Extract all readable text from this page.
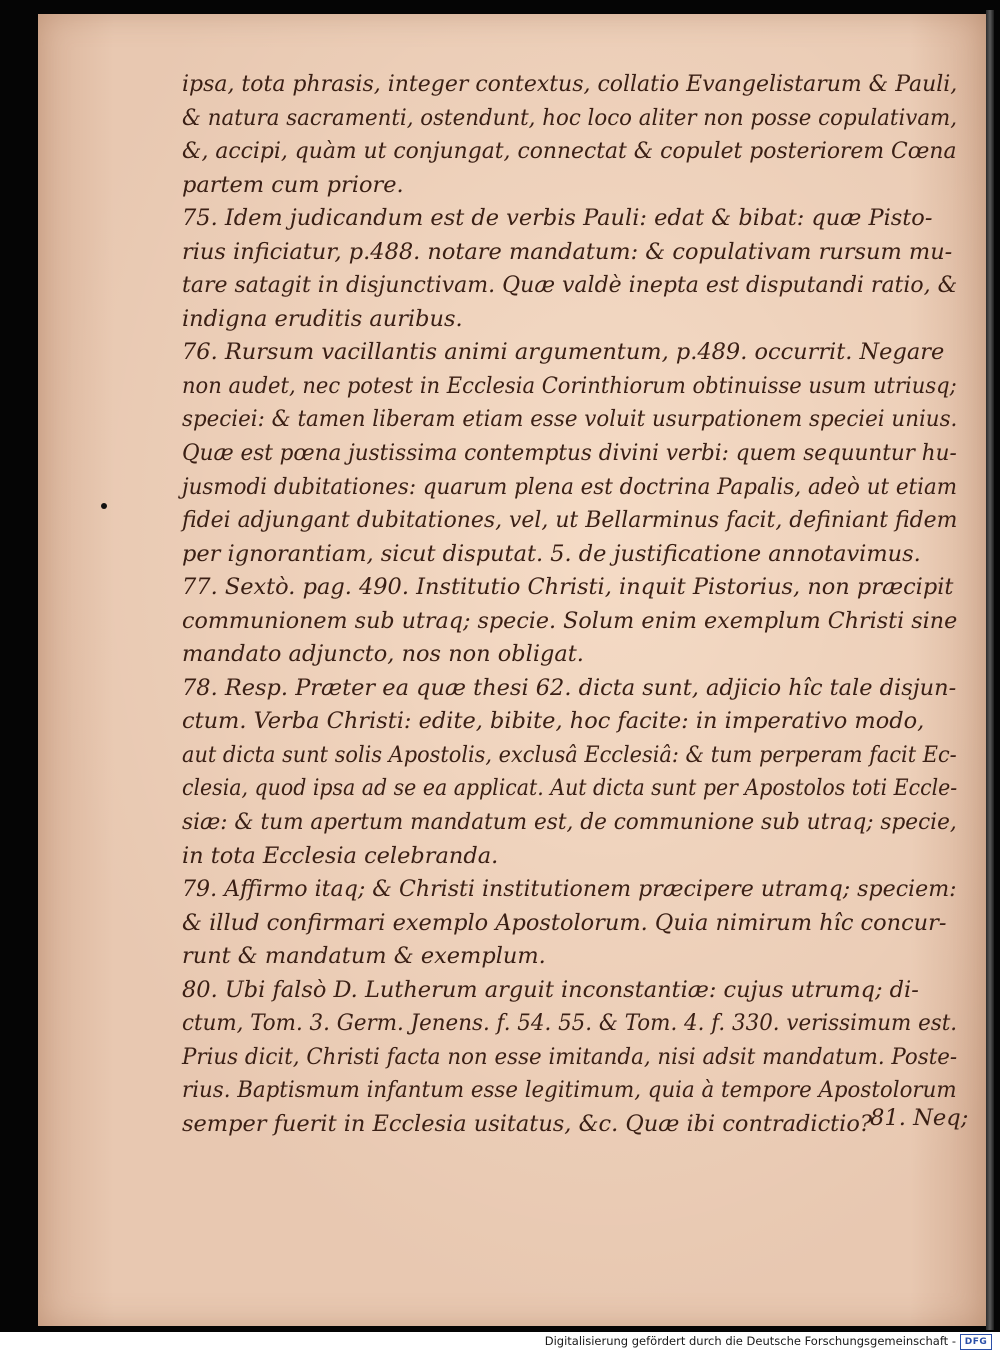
ipsa, tota phrasis, integer contextus, collatio Evangelistarum & Pauli,
& natura sacramenti, ostendunt, hoc loco aliter non posse copulativam,
&, accipi, quàm ut conjungat, connectat & copulet posteriorem Cœna
partem cum priore.
75. Idem judicandum est de verbis Pauli: edat & bibat: quæ Pisto-
rius inficiatur, p.488. notare mandatum: & copulativam rursum mu-
tare satagit in disjunctivam. Quæ valdè inepta est disputandi ratio, &
indigna eruditis auribus.
76. Rursum vacillantis animi argumentum, p.489. occurrit. Negare
non audet, nec potest in Ecclesia Corinthiorum obtinuisse usum utriusq;
speciei: & tamen liberam etiam esse voluit usurpationem speciei unius.
Quæ est pœna justissima contemptus divini verbi: quem sequuntur hu-
jusmodi dubitationes: quarum plena est doctrina Papalis, adeò ut etiam
fidei adjungant dubitationes, vel, ut Bellarminus facit, definiant fidem
per ignorantiam, sicut disputat. 5. de justificatione annotavimus.
77. Sextò. pag. 490. Institutio Christi, inquit Pistorius, non præcipit
communionem sub utraq; specie. Solum enim exemplum Christi sine
mandato adjuncto, nos non obligat.
78. Resp. Præter ea quæ thesi 62. dicta sunt, adjicio hîc tale disjun-
ctum. Verba Christi: edite, bibite, hoc facite: in imperativo modo,
aut dicta sunt solis Apostolis, exclusâ Ecclesiâ: & tum perperam facit Ec-
clesia, quod ipsa ad se ea applicat. Aut dicta sunt per Apostolos toti Eccle-
siæ: & tum apertum mandatum est, de communione sub utraq; specie,
in tota Ecclesia celebranda.
79. Affirmo itaq; & Christi institutionem præcipere utramq; speciem:
& illud confirmari exemplo Apostolorum. Quia nimirum hîc concur-
runt & mandatum & exemplum.
80. Ubi falsò D. Lutherum arguit inconstantiæ: cujus utrumq; di-
ctum, Tom. 3. Germ. Jenens. f. 54. 55. & Tom. 4. f. 330. verissimum est.
Prius dicit, Christi facta non esse imitanda, nisi adsit mandatum. Poste-
rius. Baptismum infantum esse legitimum, quia à tempore Apostolorum
semper fuerit in Ecclesia usitatus, &c. Quæ ibi contradictio?
81. Neq;
Digitalisierung gefördert durch die Deutsche Forschungsgemeinschaft - DFG
